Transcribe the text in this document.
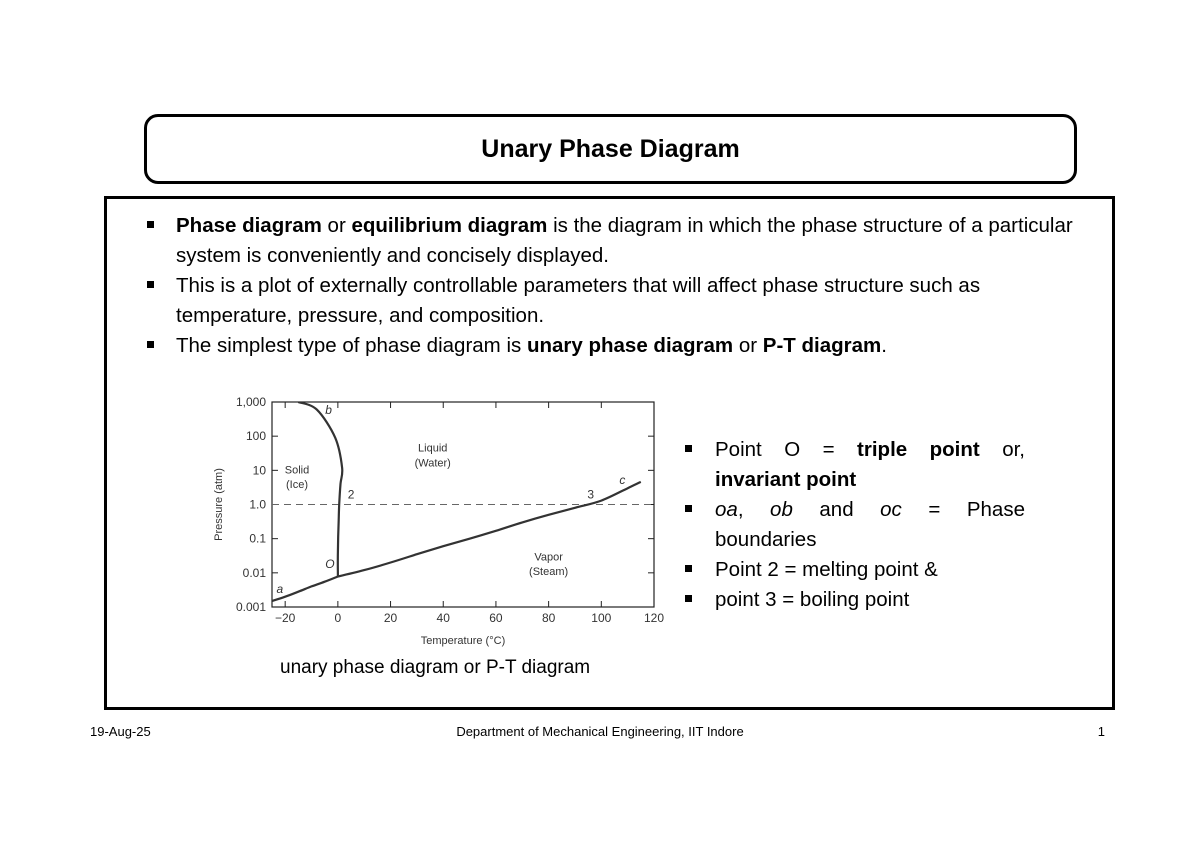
Unary Phase Diagram
Phase diagram or equilibrium diagram is the diagram in which the phase structure of a particular system is conveniently and concisely displayed.
This is a plot of externally controllable parameters that will affect phase structure such as temperature, pressure, and composition.
The simplest type of phase diagram is unary phase diagram or P-T diagram.
Point O = triple point or, invariant point
oa, ob and oc = Phase boundaries
Point 2 = melting point &
point 3 = boiling point
−20	0	20	40	60	80	100	120
0.001
0.01
0.1
1.0
10
100
1,000
Temperature (°C)
Pressure (atm)	Solid
(Ice)
Liquid
(Water)
Vapor
(Steam)
b
2	3
c
O
a
unary phase diagram or P-T diagram
19-Aug-25	Department of Mechanical Engineering, IIT Indore	1
